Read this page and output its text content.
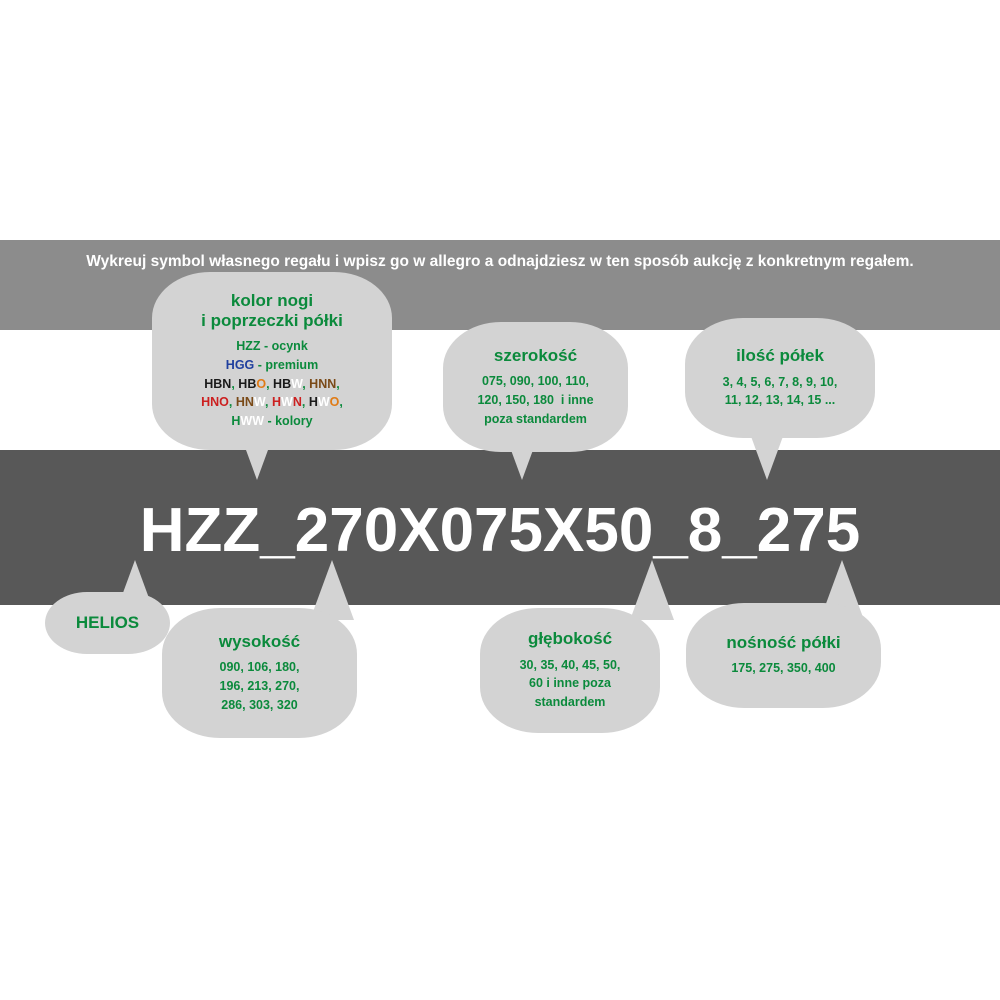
Wykreuj symbol własnego regału i wpisz go w allegro a odnajdziesz w ten sposób aukcję z konkretnym regałem.
HZZ_270X075X50_8_275
kolor nogi
i poprzeczki półki
HZZ - ocynk
HGG - premium
HBN, HBO, HBW, HNN,
HNO, HNW, HWN, HWO,
HWW - kolory
szerokość
075, 090, 100, 110,
120, 150, 180  i inne
poza standardem
ilość półek
3, 4, 5, 6, 7, 8, 9, 10,
11, 12, 13, 14, 15 ...
HELIOS
wysokość
090, 106, 180,
196, 213, 270,
286, 303, 320
głębokość
30, 35, 40, 45, 50,
60 i inne poza
standardem
nośność półki
175, 275, 350, 400
